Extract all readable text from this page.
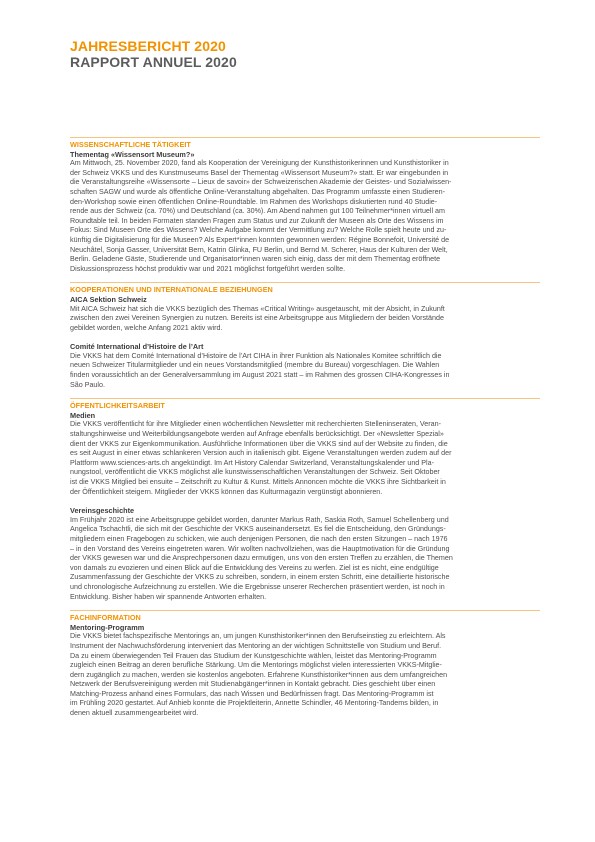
JAHRESBERICHT 2020
RAPPORT ANNUEL 2020

WISSENSCHAFTLICHE TÄTIGKEIT

Thementag «Wissensort Museum?»

Am Mittwoch, 25. November 2020, fand als Kooperation der Vereinigung der Kunsthistorikerinnen und Kunsthistoriker in
der Schweiz VKKS und des Kunstmuseums Basel der Thementag «Wissensort Museum?» statt. Er war eingebunden in
die Veranstaltungsreihe «Wissensorte – Lieux de savoir» der Schweizerischen Akademie der Geistes- und Sozialwissen-
schaften SAGW und wurde als öffentliche Online-Veranstaltung abgehalten. Das Programm umfasste einen Studieren-
den-Workshop sowie einen öffentlichen Online-Roundtable. Im Rahmen des Workshops diskutierten rund 40 Studie-
rende aus der Schweiz (ca. 70%) und Deutschland (ca. 30%). Am Abend nahmen gut 100 Teilnehmer*innen virtuell am
Roundtable teil. In beiden Formaten standen Fragen zum Status und zur Zukunft der Museen als Orte des Wissens im
Fokus: Sind Museen Orte des Wissens? Welche Aufgabe kommt der Vermittlung zu? Welche Rolle spielt heute und zu-
künftig die Digitalisierung für die Museen? Als Expert*innen konnten gewonnen werden: Régine Bonnefoit, Université de
Neuchâtel, Sonja Gasser, Universität Bern, Katrin Glinka, FU Berlin, und Bernd M. Scherer, Haus der Kulturen der Welt,
Berlin. Geladene Gäste, Studierende und Organisator*innen waren sich einig, dass der mit dem Thementag eröffnete
Diskussionsprozess höchst produktiv war und 2021 möglichst fortgeführt werden sollte.

KOOPERATIONEN UND INTERNATIONALE BEZIEHUNGEN

AICA Sektion Schweiz

Mit AICA Schweiz hat sich die VKKS bezüglich des Themas «Critical Writing» ausgetauscht, mit der Absicht, in Zukunft
zwischen den zwei Vereinen Synergien zu nutzen. Bereits ist eine Arbeitsgruppe aus Mitgliedern der beiden Vorstände
gebildet worden, welche Anfang 2021 aktiv wird.

Comité International d’Histoire de l’Art

Die VKKS hat dem Comité International d’Histoire de l’Art CIHA in ihrer Funktion als Nationales Komitee schriftlich die
neuen Schweizer Titularmitglieder und ein neues Vorstandsmitglied (membre du Bureau) vorgeschlagen. Die Wahlen
finden voraussichtlich an der Generalversammlung im August 2021 statt – im Rahmen des grossen CIHA-Kongresses in
São Paulo.

ÖFFENTLICHKEITSARBEIT

Medien

Die VKKS veröffentlicht für ihre Mitglieder einen wöchentlichen Newsletter mit recherchierten Stelleninseraten, Veran-
staltungshinweise und Weiterbildungsangebote werden auf Anfrage ebenfalls berücksichtigt. Der «Newsletter Spezial»
dient der VKKS zur Eigenkommunikation. Ausführliche Informationen über die VKKS sind auf der Website zu finden, die
es seit August in einer etwas schlankeren Version auch in italienisch gibt. Eigene Veranstaltungen werden zudem auf der
Plattform www.sciences-arts.ch angekündigt. Im Art History Calendar Switzerland, Veranstaltungskalender und Pla-
nungstool, veröffentlicht die VKKS möglichst alle kunstwissenschaftlichen Veranstaltungen der Schweiz. Seit Oktober
ist die VKKS Mitglied bei ensuite – Zeitschrift zu Kultur & Kunst. Mittels Annoncen möchte die VKKS ihre Sichtbarkeit in
der Öffentlichkeit steigern. Mitglieder der VKKS können das Kulturmagazin vergünstigt abonnieren.

Vereinsgeschichte

Im Frühjahr 2020 ist eine Arbeitsgruppe gebildet worden, darunter Markus Rath, Saskia Roth, Samuel Schellenberg und
Angelica Tschachtli, die sich mit der Geschichte der VKKS auseinandersetzt. Es fiel die Entscheidung, den Gründungs-
mitgliedern einen Fragebogen zu schicken, wie auch denjenigen Personen, die nach den ersten Sitzungen – nach 1976
– in den Vorstand des Vereins eingetreten waren. Wir wollten nachvollziehen, was die Hauptmotivation für die Gründung
der VKKS gewesen war und die Ansprechpersonen dazu ermutigen, uns von den ersten Treffen zu erzählen, die Themen
von damals zu evozieren und einen Blick auf die Entwicklung des Vereins zu werfen. Ziel ist es nicht, eine endgültige
Zusammenfassung der Geschichte der VKKS zu schreiben, sondern, in einem ersten Schritt, eine detaillierte historische
und chronologische Aufzeichnung zu erstellen. Wie die Ergebnisse unserer Recherchen präsentiert werden, ist noch in
Entwicklung. Bisher haben wir spannende Antworten erhalten.

FACHINFORMATION

Mentoring-Programm

Die VKKS bietet fachspezifische Mentorings an, um jungen Kunsthistoriker*innen den Berufseinstieg zu erleichtern. Als
Instrument der Nachwuchsförderung interveniert das Mentoring an der wichtigen Schnittstelle von Studium und Beruf.
Da zu einem überwiegenden Teil Frauen das Studium der Kunstgeschichte wählen, leistet das Mentoring-Programm
zugleich einen Beitrag an deren berufliche Stärkung. Um die Mentorings möglichst vielen interessierten VKKS-Mitglie-
dern zugänglich zu machen, werden sie kostenlos angeboten. Erfahrene Kunsthistoriker*innen aus dem umfangreichen
Netzwerk der Berufsvereinigung werden mit Studienabgänger*innen in Kontakt gebracht. Dies geschieht über einen
Matching-Prozess anhand eines Formulars, das nach Wissen und Bedürfnissen fragt. Das Mentoring-Programm ist
im Frühling 2020 gestartet. Auf Anhieb konnte die Projektleiterin, Annette Schindler, 46 Mentoring-Tandems bilden, in
denen aktuell zusammengearbeitet wird.
